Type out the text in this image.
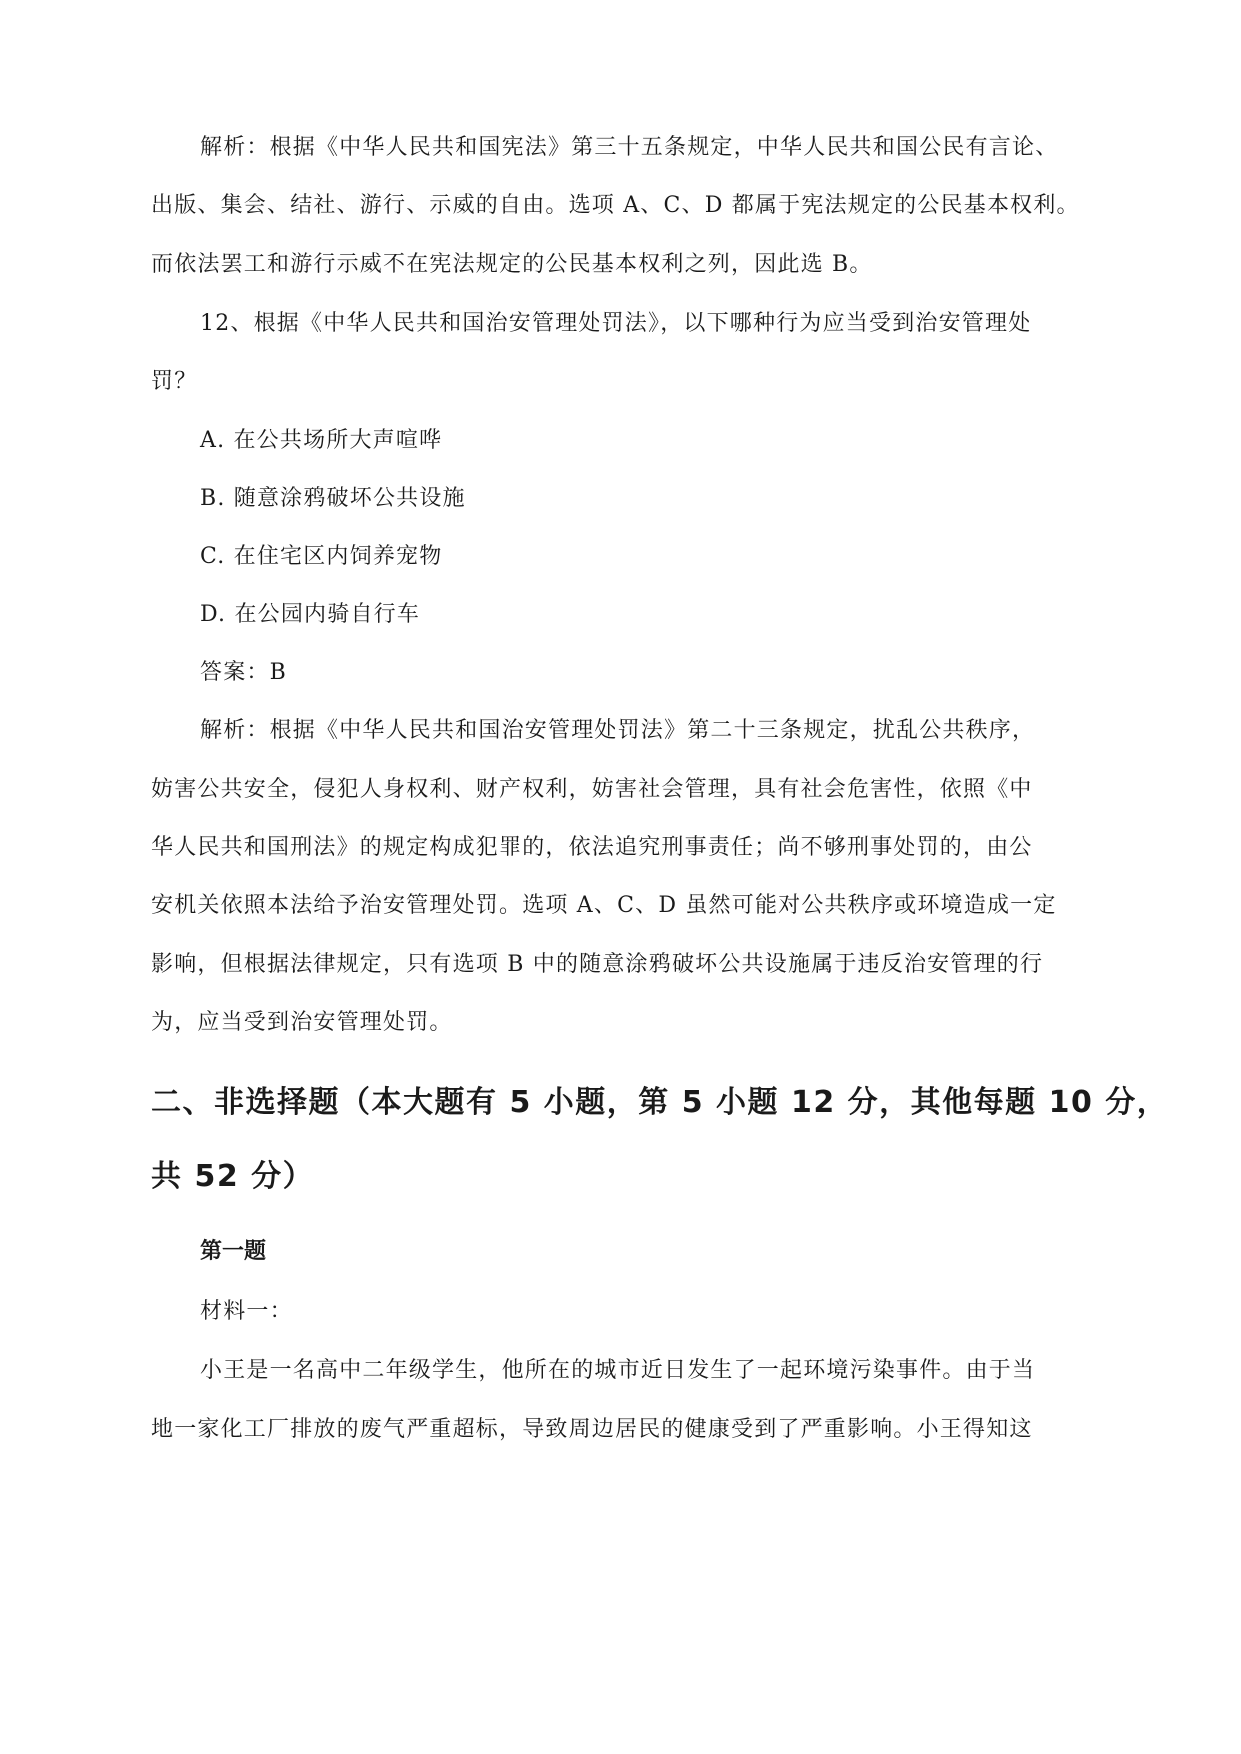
解析：根据《中华人民共和国宪法》第三十五条规定，中华人民共和国公民有言论、
出版、集会、结社、游行、示威的自由。选项 A、C、D 都属于宪法规定的公民基本权利。
而依法罢工和游行示威不在宪法规定的公民基本权利之列，因此选 B。
12、根据《中华人民共和国治安管理处罚法》，以下哪种行为应当受到治安管理处
罚？
A. 在公共场所大声喧哗
B. 随意涂鸦破坏公共设施
C. 在住宅区内饲养宠物
D. 在公园内骑自行车
答案：B
解析：根据《中华人民共和国治安管理处罚法》第二十三条规定，扰乱公共秩序，
妨害公共安全，侵犯人身权利、财产权利，妨害社会管理，具有社会危害性，依照《中
华人民共和国刑法》的规定构成犯罪的，依法追究刑事责任；尚不够刑事处罚的，由公
安机关依照本法给予治安管理处罚。选项 A、C、D 虽然可能对公共秩序或环境造成一定
影响，但根据法律规定，只有选项 B 中的随意涂鸦破坏公共设施属于违反治安管理的行
为，应当受到治安管理处罚。
二、非选择题（本大题有 5 小题，第 5 小题 12 分，其他每题 10 分，
共 52 分）
第一题
材料一：
小王是一名高中二年级学生，他所在的城市近日发生了一起环境污染事件。由于当
地一家化工厂排放的废气严重超标，导致周边居民的健康受到了严重影响。小王得知这
